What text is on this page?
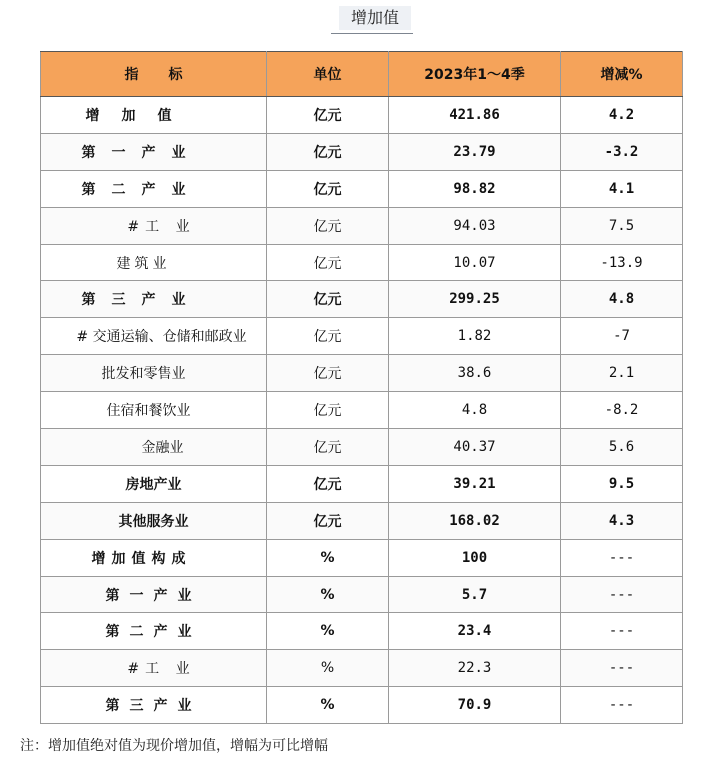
增加值
指标	单位	2023年1～4季	增减%
增加值	亿元	421.86	4.2
第一产业	亿元	23.79	-3.2
第二产业	亿元	98.82	4.1
#工 业	亿元	94.03	7.5
建筑业	亿元	10.07	-13.9
第三产业	亿元	299.25	4.8
# 交通运输、仓储和邮政业	亿元	1.82	-7
批发和零售业	亿元	38.6	2.1
住宿和餐饮业	亿元	4.8	-8.2
金融业	亿元	40.37	5.6
房地产业	亿元	39.21	9.5
其他服务业	亿元	168.02	4.3
增加值构成	%	100	---
第一产业	%	5.7	---
第二产业	%	23.4	---
#工 业	%	22.3	---
第三产业	%	70.9	---
注：增加值绝对值为现价增加值，增幅为可比增幅
